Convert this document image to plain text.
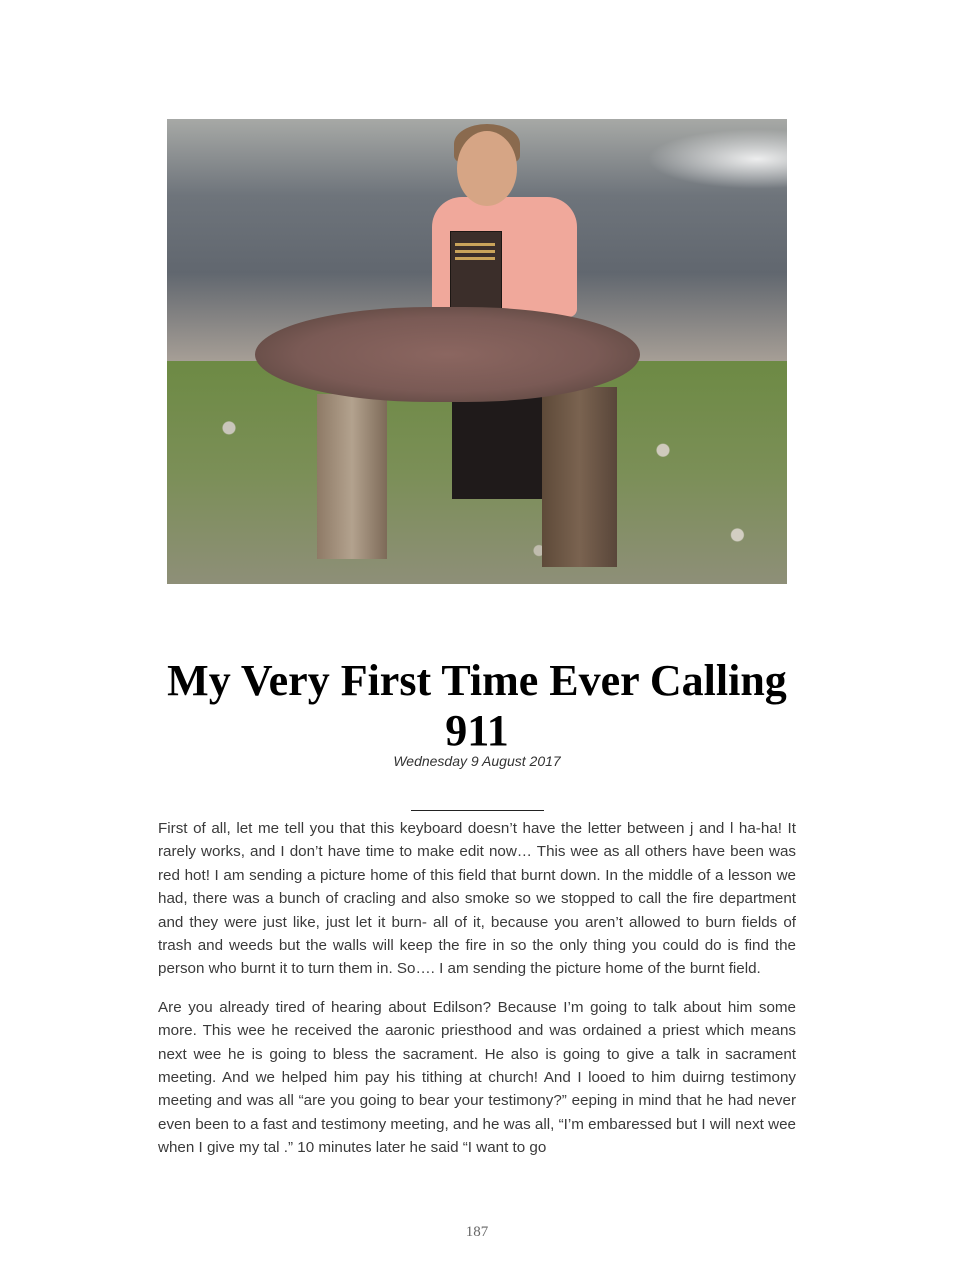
My Very First Time Ever Calling 911
Wednesday 9 August 2017

First of all, let me tell you that this keyboard doesn’t have the letter between j and l ha-ha! It rarely works, and I don’t have time to make edit now… This wee as all others have been was red hot! I am sending a picture home of this field that burnt down. In the middle of a lesson we had, there was a bunch of cracling and also smoke so we stopped to call the fire department and they were just like, just let it burn- all of it, because you aren’t allowed to burn fields of trash and weeds but the walls will keep the fire in so the only thing you could do is find the person who burnt it to turn them in. So…. I am sending the picture home of the burnt field.

Are you already tired of hearing about Edilson? Because I’m going to talk about him some more. This wee he received the aaronic priesthood and was ordained a priest which means next wee he is going to bless the sacrament. He also is going to give a talk in sacrament meeting. And we helped him pay his tithing at church! And I looed to him duirng testimony meeting and was all “are you going to bear your testimony?” eeping in mind that he had never even been to a fast and testimony meeting, and he was all, “I’m embaressed but I will next wee when I give my tal .” 10 minutes later he said “I want to go

187
